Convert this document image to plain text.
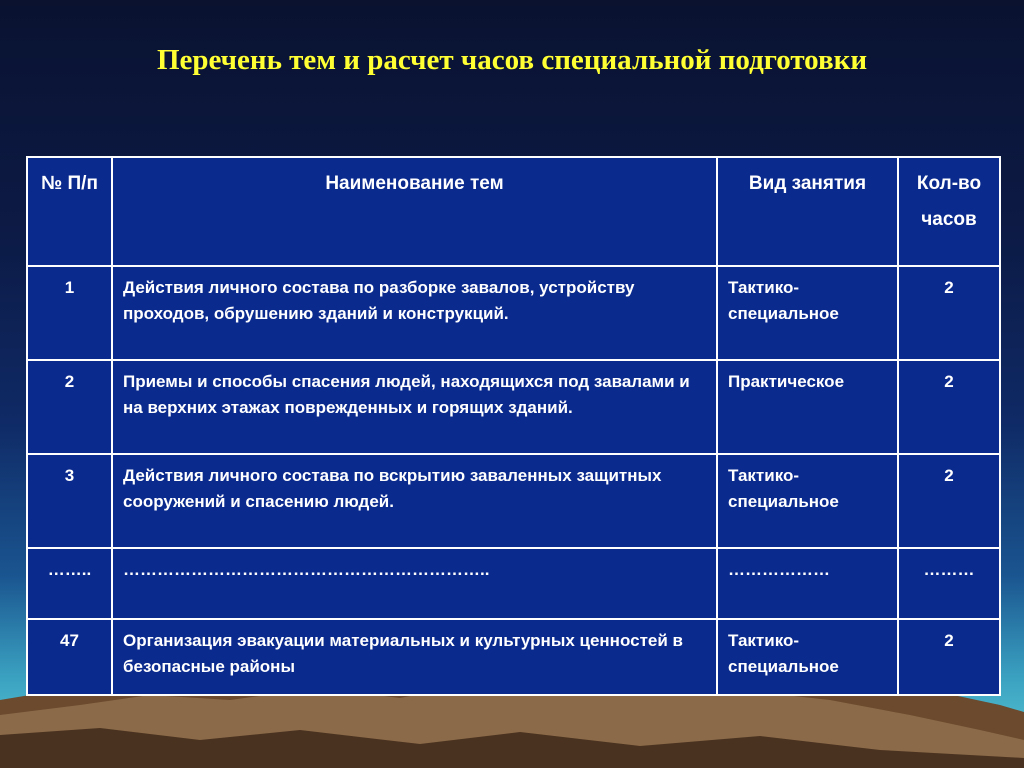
Перечень тем и расчет часов специальной подготовки
№ П/п	Наименование тем	Вид занятия	Кол-во часов
1	Действия личного состава по разборке завалов, устройству проходов, обрушению зданий и конструкций.	Тактико-специальное	2
2	Приемы и способы спасения людей, находящихся под завалами и на верхних этажах поврежденных и горящих зданий.	Практическое	2
3	Действия личного состава по вскрытию заваленных защитных сооружений и спасению людей.	Тактико-специальное	2
……..	………………………………………………………..	………………	………
47	Организация эвакуации материальных и культурных ценностей в безопасные районы	Тактико-специальное	2
